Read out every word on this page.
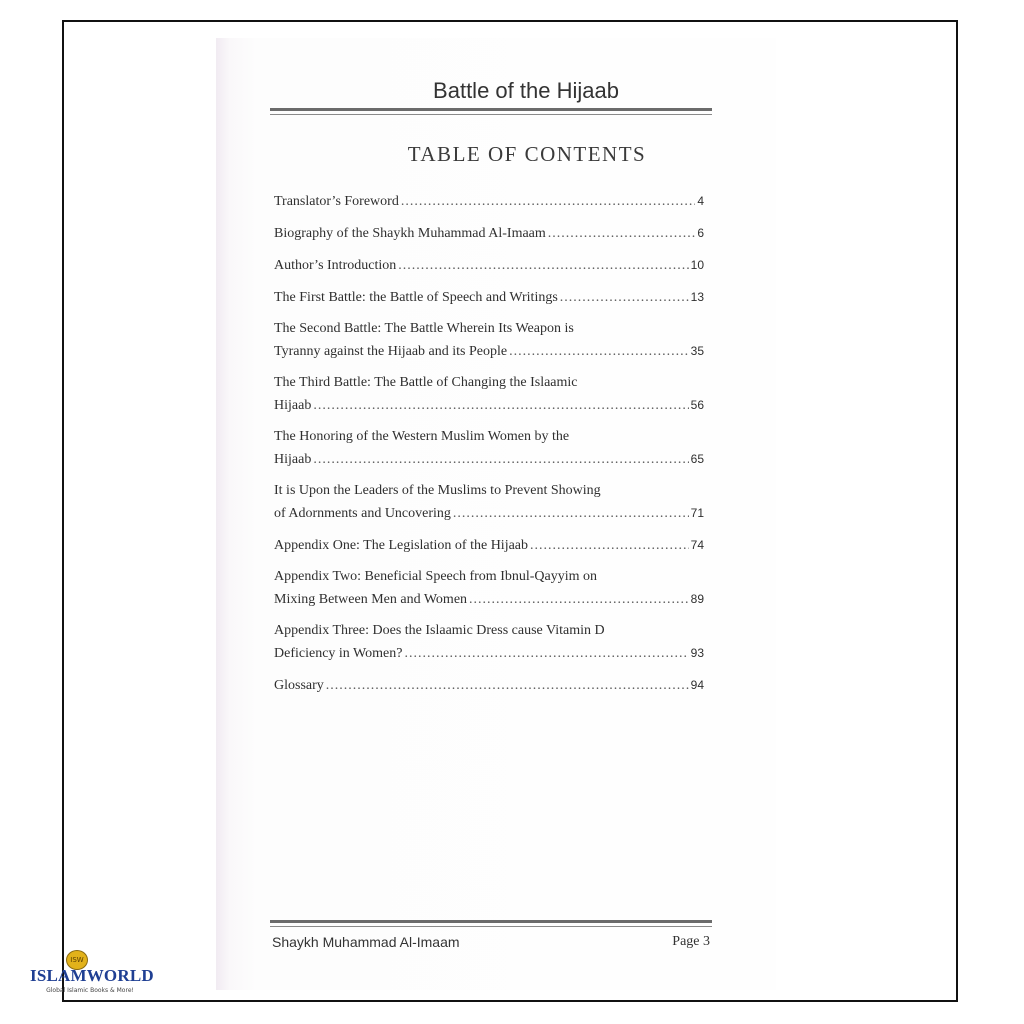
Battle of the Hijaab
TABLE OF CONTENTS
Translator’s Foreword .....	4
Biography of the Shaykh Muhammad Al-Imaam .....	6
Author’s Introduction .....	10
The First Battle: the Battle of Speech and Writings .....	13
The Second Battle: The Battle Wherein Its Weapon is
Tyranny against the Hijaab and its People .....	35
The Third Battle: The Battle of Changing the Islaamic
Hijaab .....	56
The Honoring of the Western Muslim Women by the
Hijaab .....	65
It is Upon the Leaders of the Muslims to Prevent Showing
of Adornments and Uncovering .....	71
Appendix One: The Legislation of the Hijaab .....	74
Appendix Two: Beneficial Speech from Ibnul-Qayyim on
Mixing Between Men and Women .....	89
Appendix Three: Does the Islaamic Dress cause Vitamin D
Deficiency in Women? .....	93
Glossary .....	94
Shaykh Muhammad Al-Imaam	Page 3
ISW
ISLAMWORLD
Global Islamic Books & More!
